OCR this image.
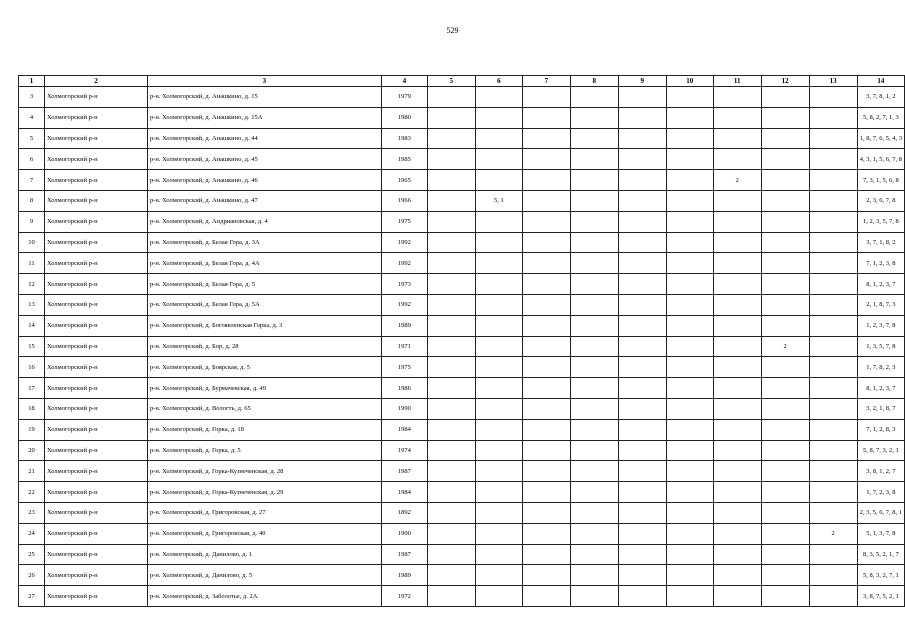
529
1	2	3	4	5	6	7	8	9	10	11	12	13	14
3	Холмогорский р-н	р-н. Холмогорский, д. Анашкино, д. 15	1979										3, 7, 8, 1, 2
4	Холмогорский р-н	р-н. Холмогорский, д. Анашкино, д. 15А	1980										5, 8, 2, 7, 1, 3
5	Холмогорский р-н	р-н. Холмогорский, д. Анашкино, д. 44	1983										1, 8, 7, 6, 5, 4, 3
6	Холмогорский р-н	р-н. Холмогорский, д. Анашкино, д. 45	1985										4, 3, 1, 5, 6, 7, 8
7	Холмогорский р-н	р-н. Холмогорский, д. Анашкино, д. 46	1965							2			7, 3, 1, 5, 6, 8
8	Холмогорский р-н	р-н. Холмогорский, д. Анашкино, д. 47	1966		5, 1								2, 3, 6, 7, 8
9	Холмогорский р-н	р-н. Холмогорский, д. Андриановская, д. 4	1975										1, 2, 3, 5, 7, 8
10	Холмогорский р-н	р-н. Холмогорский, д. Белая Гора, д. 3А	1992										3, 7, 1, 8, 2
11	Холмогорский р-н	р-н. Холмогорский, д. Белая Гора, д. 4А	1992										7, 1, 2, 3, 8
12	Холмогорский р-н	р-н. Холмогорский, д. Белая Гора, д. 5	1973										8, 1, 2, 3, 7
13	Холмогорский р-н	р-н. Холмогорский, д. Белая Гора, д. 5А	1992										2, 1, 8, 7, 3
14	Холмогорский р-н	р-н. Холмогорский, д. Богоявленская Горка, д. 3	1989										1, 2, 3, 7, 8
15	Холмогорский р-н	р-н. Холмогорский, д. Бор, д. 28	1971								2		1, 3, 5, 7, 8
16	Холмогорский р-н	р-н. Холмогорский, д. Боярская, д. 5	1975										1, 7, 8, 2, 3
17	Холмогорский р-н	р-н. Холмогорский, д. Бурмачевская, д. 49	1986										8, 1, 2, 3, 7
18	Холмогорский р-н	р-н. Холмогорский, д. Вологть, д. 65	1990										3, 2, 1, 8, 7
19	Холмогорский р-н	р-н. Холмогорский, д. Горка, д. 18	1984										7, 1, 2, 8, 3
20	Холмогорский р-н	р-н. Холмогорский, д. Горка, д. 5	1974										5, 8, 7, 3, 2, 1
21	Холмогорский р-н	р-н. Холмогорский, д. Горка-Кузнеченская, д. 28	1987										3, 8, 1, 2, 7
22	Холмогорский р-н	р-н. Холмогорский, д. Горка-Кузнеченская, д. 29	1984										1, 7, 2, 3, 8
23	Холмогорский р-н	р-н. Холмогорский, д. Григоровская, д. 27	1892										2, 3, 5, 6, 7, 8, 1
24	Холмогорский р-н	р-н. Холмогорский, д. Григоровская, д. 40	1900									2	5, 1, 3, 7, 8
25	Холмогорский р-н	р-н. Холмогорский, д. Данилово, д. 1	1987										8, 3, 5, 2, 1, 7
26	Холмогорский р-н	р-н. Холмогорский, д. Данилово, д. 5	1989										5, 8, 3, 2, 7, 1
27	Холмогорский р-н	р-н. Холмогорский, д. Заболотье, д. 2А	1972										3, 8, 7, 5, 2, 1
